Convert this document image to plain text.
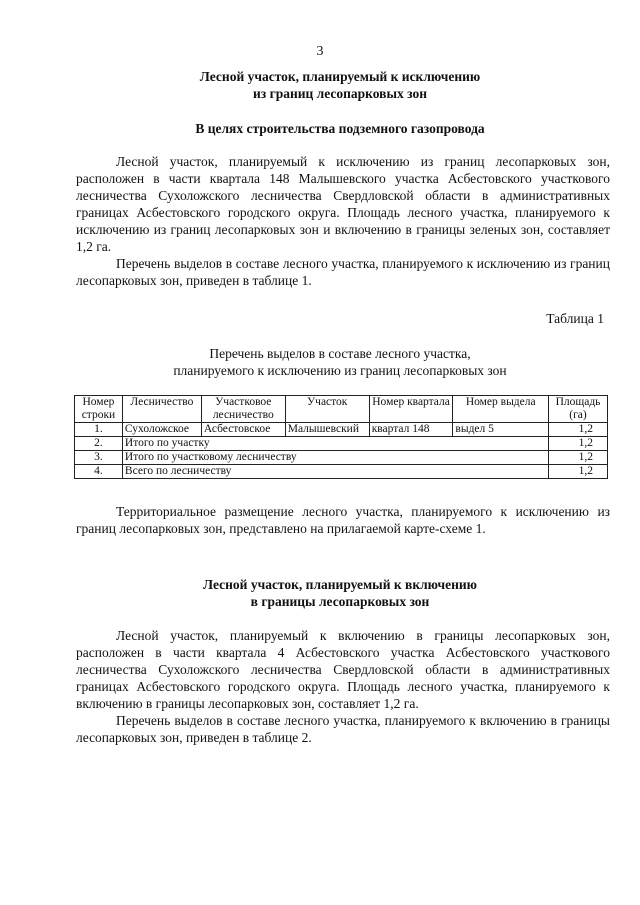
3
Лесной участок, планируемый к исключению
из границ лесопарковых зон
В целях строительства подземного газопровода

Лесной участок, планируемый к исключению из границ лесопарковых зон, расположен в части квартала 148 Малышевского участка Асбестовского участкового лесничества Сухоложского лесничества Свердловской области в административных границах Асбестовского городского округа. Площадь лесного участка, планируемого к исключению из границ лесопарковых зон и включению в границы зеленых зон, составляет 1,2 га.

Перечень выделов в составе лесного участка, планируемого к исключению из границ лесопарковых зон, приведен в таблице 1.

Таблица 1
Перечень выделов в составе лесного участка,
планируемого к исключению из границ лесопарковых зон
Номер строки	Лесничество	Участковое лесничество	Участок	Номер квартала	Номер выдела	Площадь (га)
1.	Сухоложское	Асбестовское	Малышевский	квартал 148	выдел 5	1,2
2.	Итого по участку					1,2
3.	Итого по участковому лесничеству					1,2
4.	Всего по лесничеству					1,2

Территориальное размещение лесного участка, планируемого к исключению из границ лесопарковых зон, представлено на прилагаемой карте-схеме 1.

Лесной участок, планируемый к включению
в границы лесопарковых зон

Лесной участок, планируемый к включению в границы лесопарковых зон, расположен в части квартала 4 Асбестовского участка Асбестовского участкового лесничества Сухоложского лесничества Свердловской области в административных границах Асбестовского городского округа. Площадь лесного участка, планируемого к включению в границы лесопарковых зон, составляет 1,2 га.

Перечень выделов в составе лесного участка, планируемого к включению в границы лесопарковых зон, приведен в таблице 2.
